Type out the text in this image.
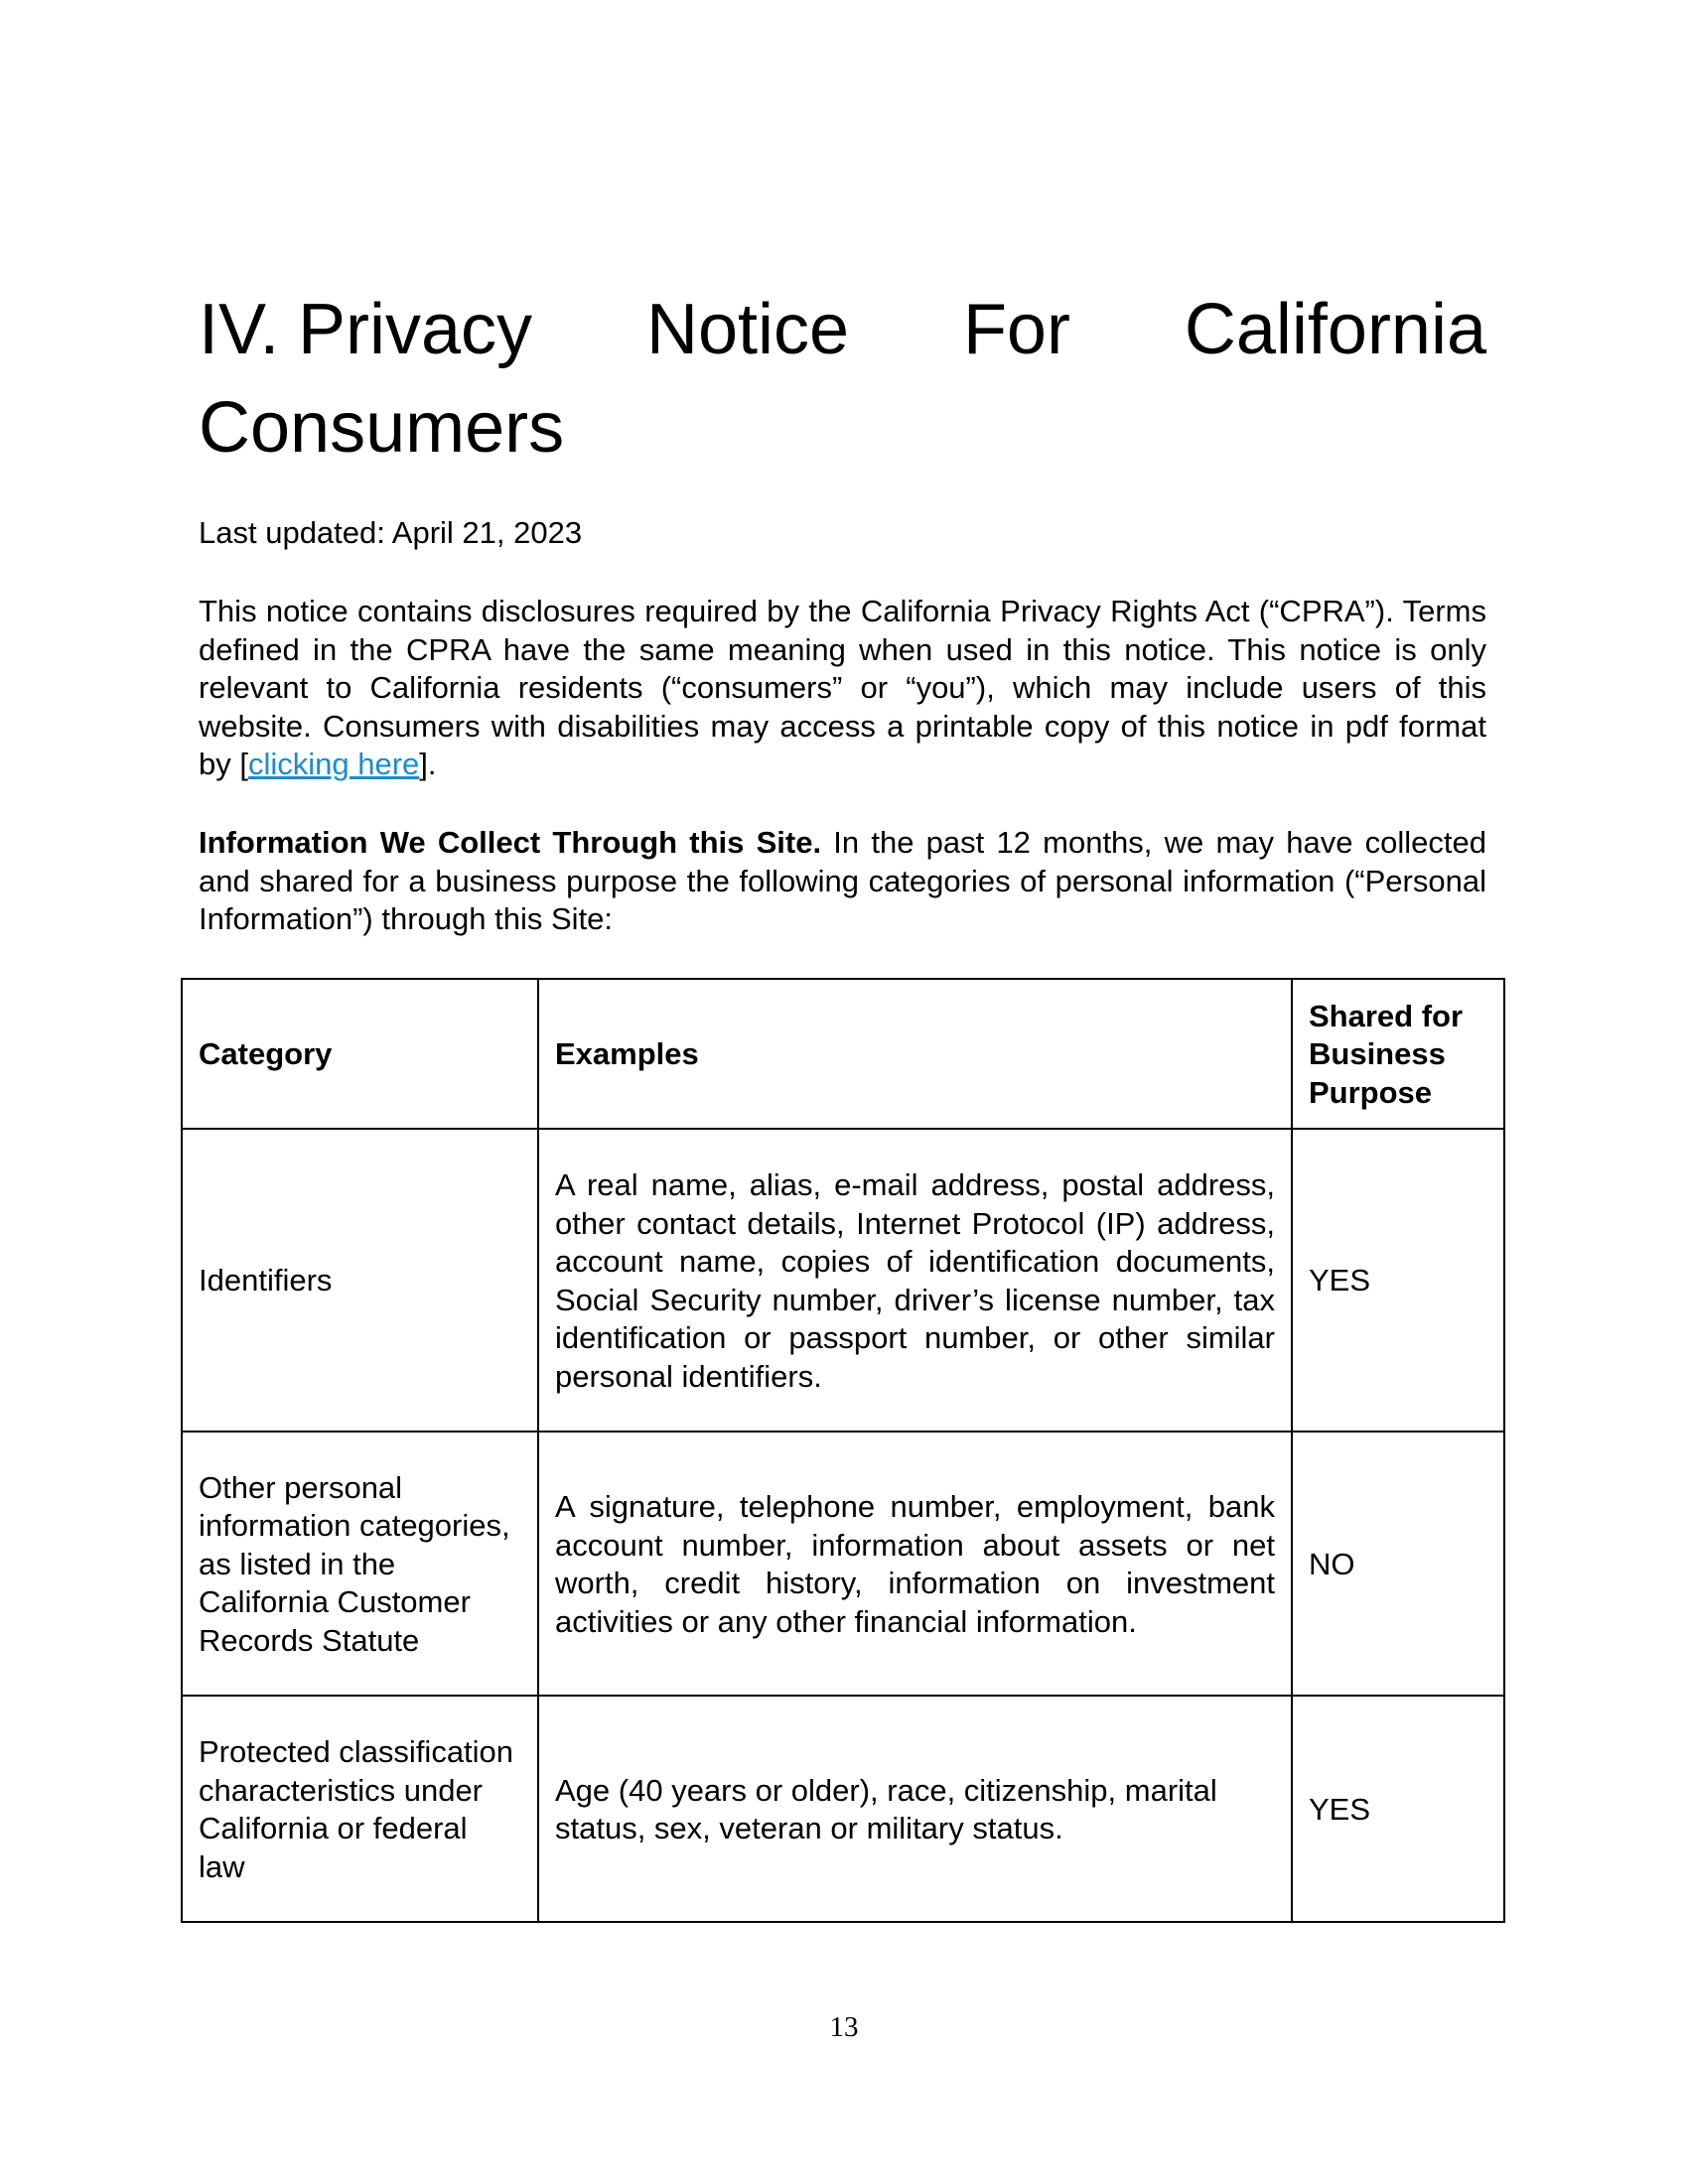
IV. Privacy Notice For California
Consumers
Last updated: April 21, 2023

This notice contains disclosures required by the California Privacy Rights Act (“CPRA”). Terms defined in the CPRA have the same meaning when used in this notice. This notice is only relevant to California residents (“consumers” or “you”), which may include users of this website. Consumers with disabilities may access a printable copy of this notice in pdf format by [clicking here].

Information We Collect Through this Site. In the past 12 months, we may have collected and shared for a business purpose the following categories of personal information (“Personal Information”) through this Site:

Category	Examples	Shared for Business Purpose
Identifiers	A real name, alias, e-mail address, postal address, other contact details, Internet Protocol (IP) address, account name, copies of identification documents, Social Security number, driver’s license number, tax identification or passport number, or other similar personal identifiers.	YES
Other personal information categories, as listed in the California Customer Records Statute	A signature, telephone number, employment, bank account number, information about assets or net worth, credit history, information on investment activities or any other financial information.	NO
Protected classification characteristics under California or federal law	Age (40 years or older), race, citizenship, marital status, sex, veteran or military status.	YES
13
